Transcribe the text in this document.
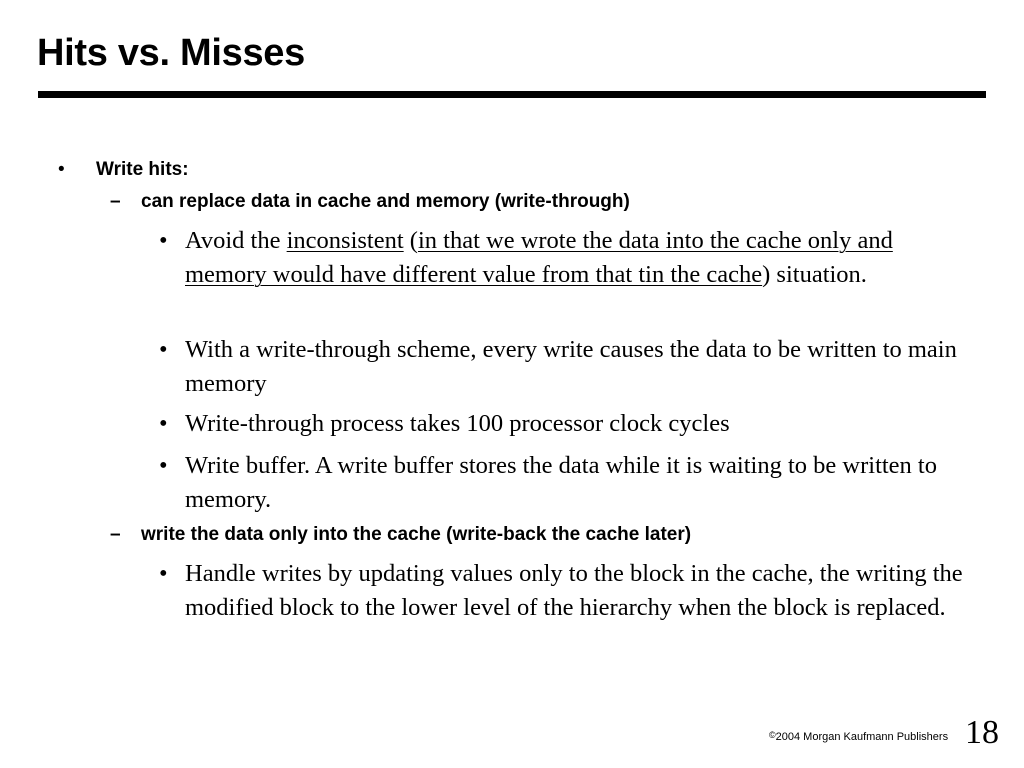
Hits vs. Misses
• Write hits:
– can replace data in cache and memory (write-through)
• Avoid the inconsistent (in that we wrote the data into the cache only and memory would have different value from that tin the cache) situation.
• With a write-through scheme, every write causes the data to be written to main memory
• Write-through process takes 100 processor clock cycles
• Write buffer. A write buffer stores the data while it is waiting to be written to memory.
– write the data only into the cache (write-back the cache later)
• Handle writes by updating values only to the block in the cache, the writing the modified block to the lower level of the hierarchy when the block is replaced.
©2004 Morgan Kaufmann Publishers 18
